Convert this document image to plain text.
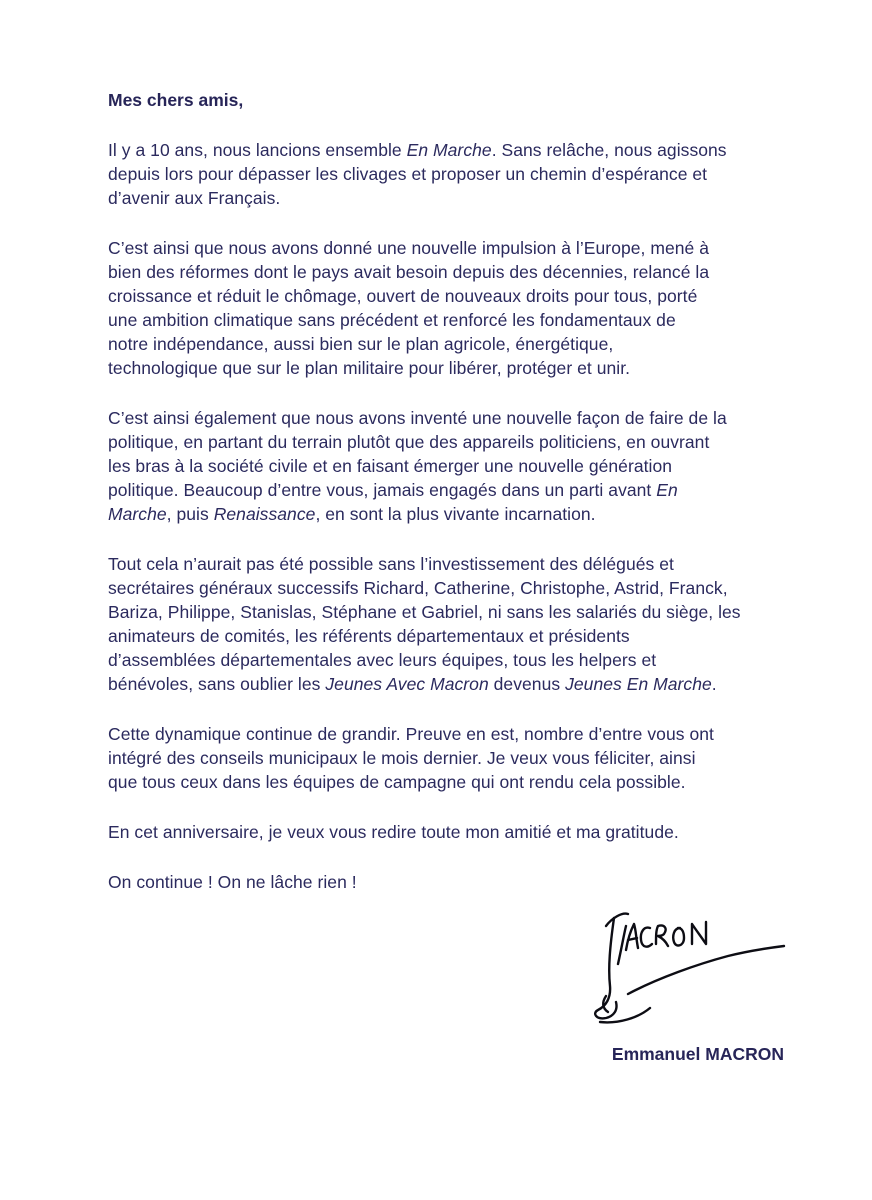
Mes chers amis,

Il y a 10 ans, nous lancions ensemble En Marche. Sans relâche, nous agissons
depuis lors pour dépasser les clivages et proposer un chemin d’espérance et
d’avenir aux Français.

C’est ainsi que nous avons donné une nouvelle impulsion à l’Europe, mené à
bien des réformes dont le pays avait besoin depuis des décennies, relancé la
croissance et réduit le chômage, ouvert de nouveaux droits pour tous, porté
une ambition climatique sans précédent et renforcé les fondamentaux de
notre indépendance, aussi bien sur le plan agricole, énergétique,
technologique que sur le plan militaire pour libérer, protéger et unir.

C’est ainsi également que nous avons inventé une nouvelle façon de faire de la
politique, en partant du terrain plutôt que des appareils politiciens, en ouvrant
les bras à la société civile et en faisant émerger une nouvelle génération
politique. Beaucoup d’entre vous, jamais engagés dans un parti avant En
Marche, puis Renaissance, en sont la plus vivante incarnation.

Tout cela n’aurait pas été possible sans l’investissement des délégués et
secrétaires généraux successifs Richard, Catherine, Christophe, Astrid, Franck,
Bariza, Philippe, Stanislas, Stéphane et Gabriel, ni sans les salariés du siège, les
animateurs de comités, les référents départementaux et présidents
d’assemblées départementales avec leurs équipes, tous les helpers et
bénévoles, sans oublier les Jeunes Avec Macron devenus Jeunes En Marche.

Cette dynamique continue de grandir. Preuve en est, nombre d’entre vous ont
intégré des conseils municipaux le mois dernier. Je veux vous féliciter, ainsi
que tous ceux dans les équipes de campagne qui ont rendu cela possible.

En cet anniversaire, je veux vous redire toute mon amitié et ma gratitude.

On continue ! On ne lâche rien !

Emmanuel MACRON
